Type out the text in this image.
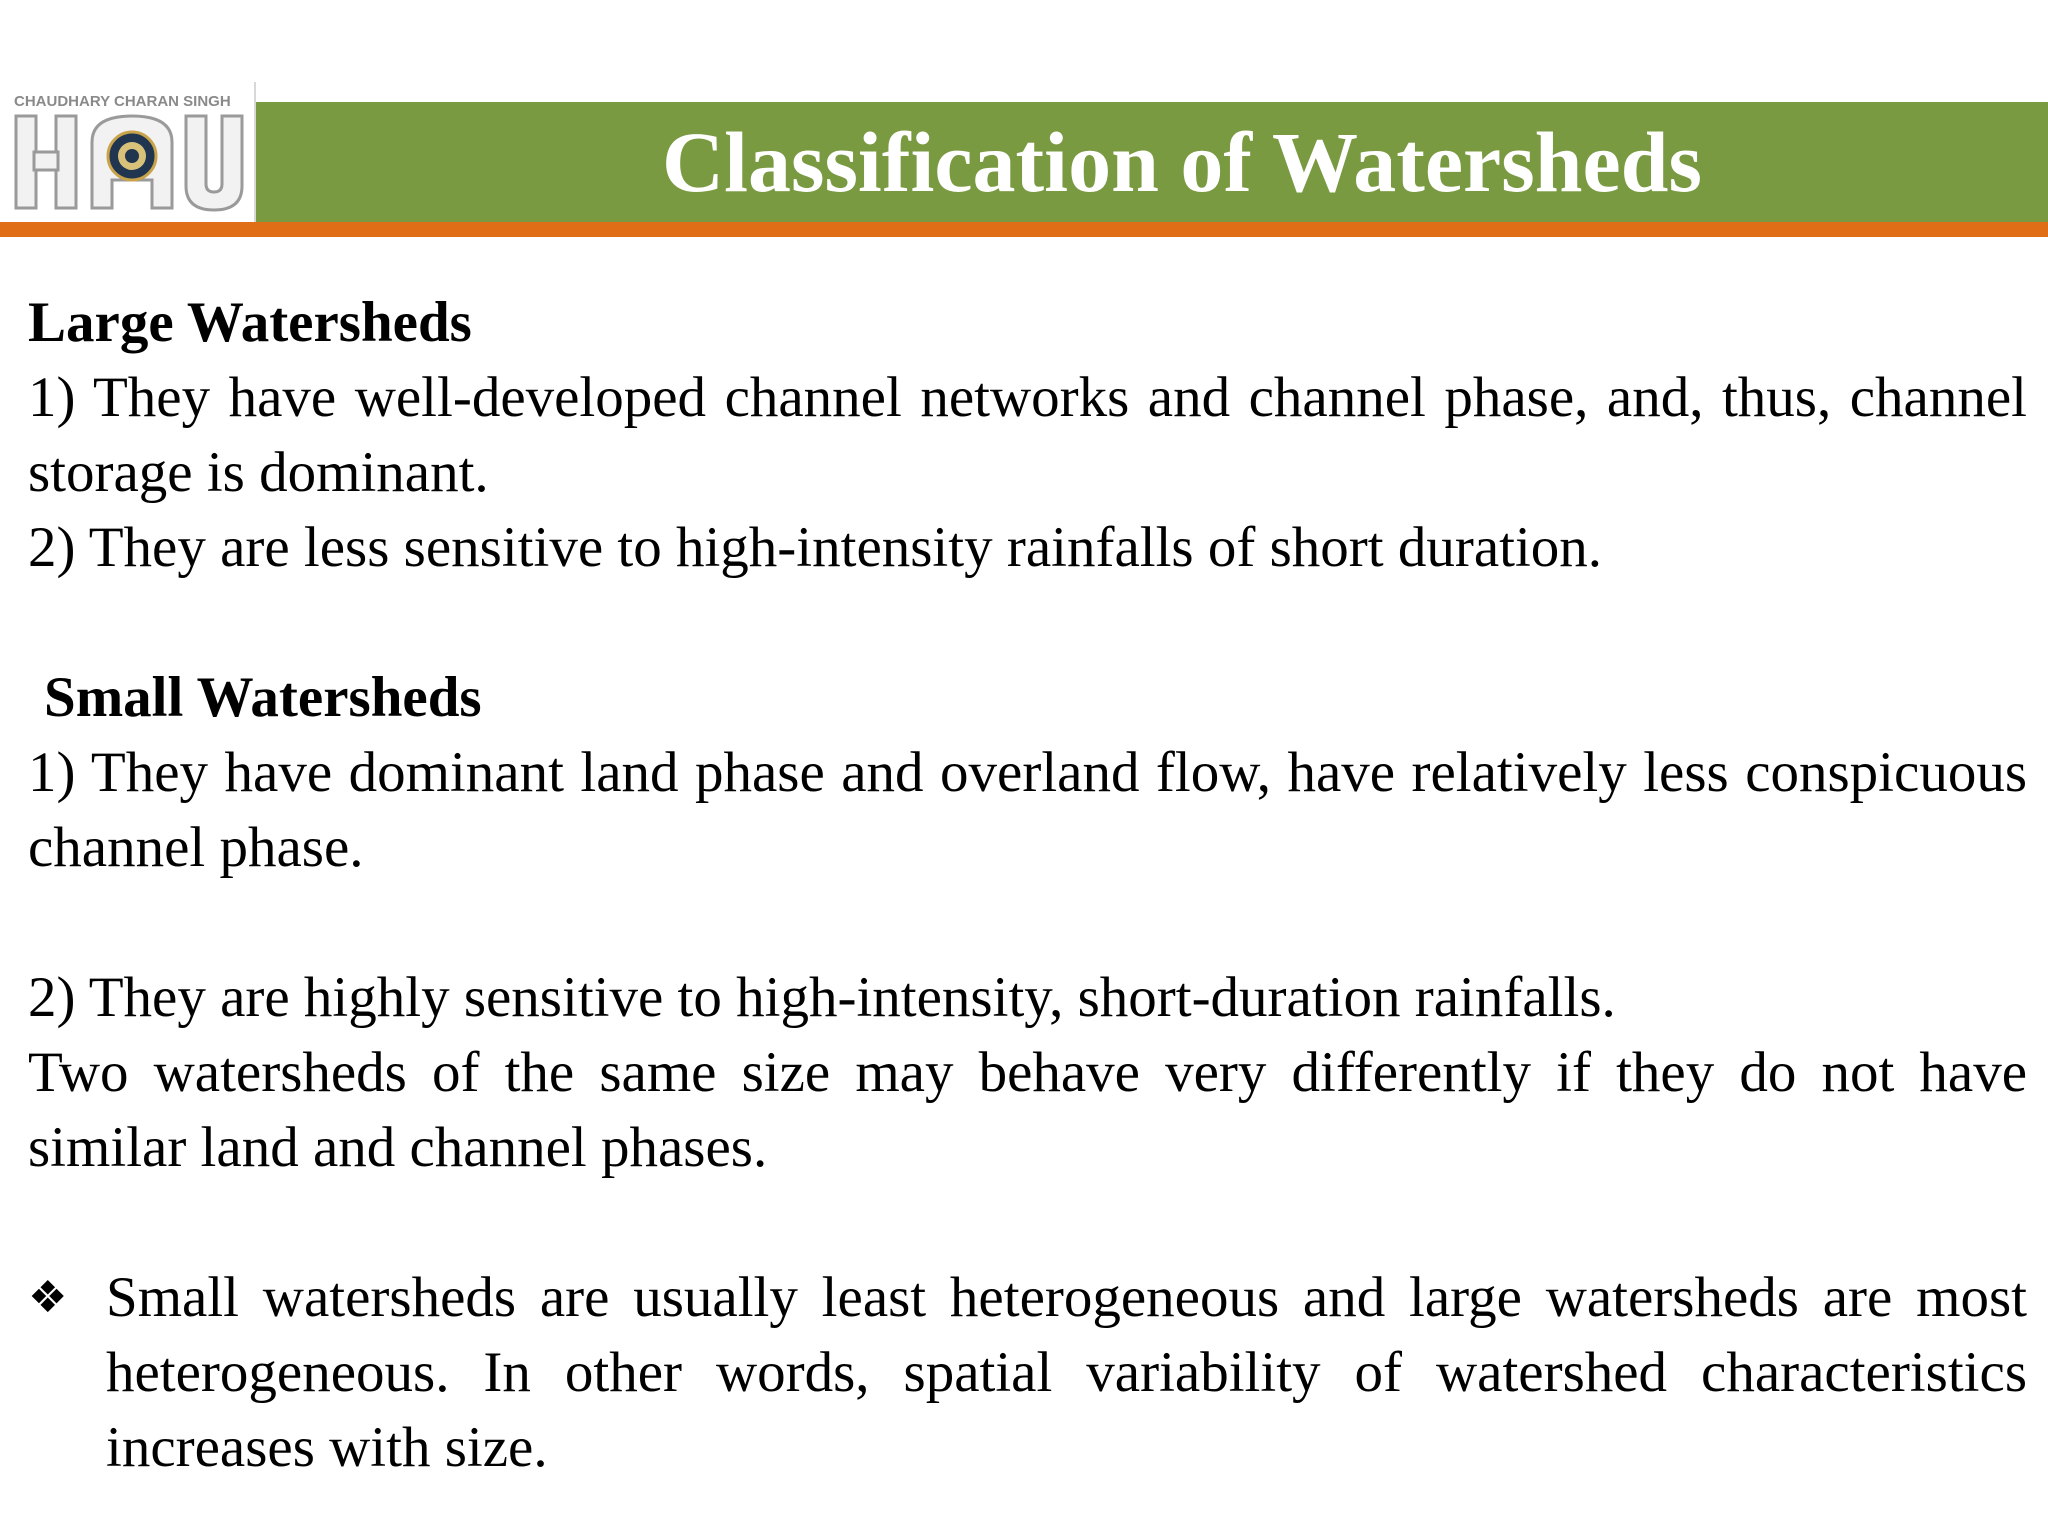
CHAUDHARY CHARAN SINGH
Classification of Watersheds

Large Watersheds

1) They have well-developed channel networks and channel phase, and, thus, channel storage is dominant.

2) They are less sensitive to high-intensity rainfalls of short duration.

Small Watersheds

1) They have dominant land phase and overland flow, have relatively less conspicuous channel phase.

2) They are highly sensitive to high-intensity, short-duration rainfalls.

Two watersheds of the same size may behave very differently if they do not have similar land and channel phases.

❖ Small watersheds are usually least heterogeneous and large watersheds are most heterogeneous. In other words, spatial variability of watershed characteristics increases with size.
